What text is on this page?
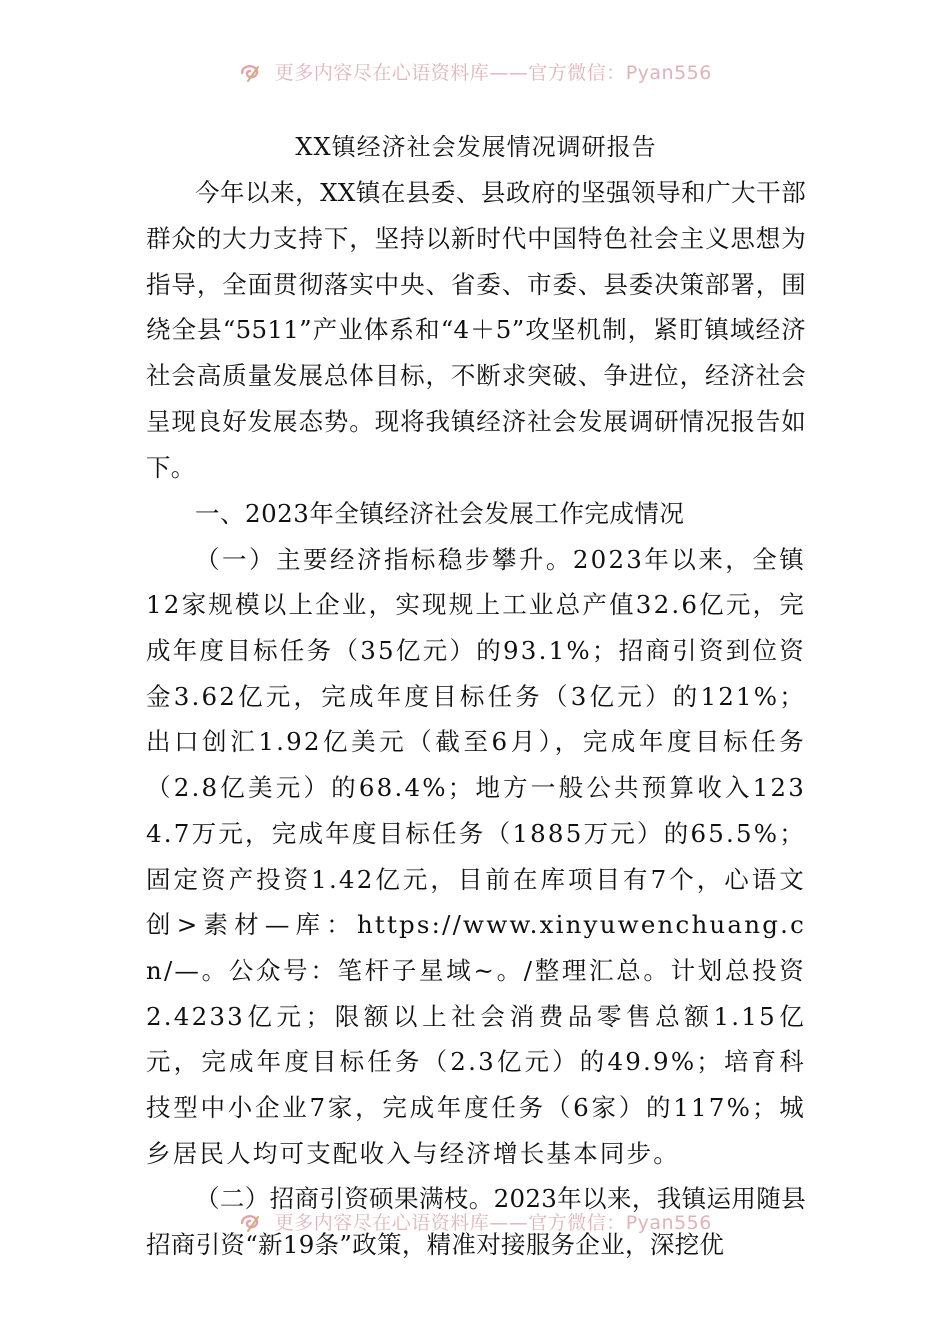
更多内容尽在心语资料库——官方微信：Pyan556

XX镇经济社会发展情况调研报告

今年以来，XX镇在县委、县政府的坚强领导和广大干部群众的大力支持下，坚持以新时代中国特色社会主义思想为指导，全面贯彻落实中央、省委、市委、县委决策部署，围绕全县“5511”产业体系和“4＋5”攻坚机制，紧盯镇域经济社会高质量发展总体目标，不断求突破、争进位，经济社会呈现良好发展态势。现将我镇经济社会发展调研情况报告如下。

一、2023年全镇经济社会发展工作完成情况

（一）主要经济指标稳步攀升。2023年以来，全镇12家规模以上企业，实现规上工业总产值32.6亿元，完成年度目标任务（35亿元）的93.1%；招商引资到位资金3.62亿元，完成年度目标任务（3亿元）的121%；出口创汇1.92亿美元（截至6月），完成年度目标任务（2.8亿美元）的68.4%；地方一般公共预算收入1234.7万元，完成年度目标任务（1885万元）的65.5%；固定资产投资1.42亿元，目前在库项目有7个，心语文创>素材—库：https://www.xinyuwenchuang.cn/—。公众号：笔杆子星域~。/整理汇总。计划总投资2.4233亿元；限额以上社会消费品零售总额1.15亿元，完成年度目标任务（2.3亿元）的49.9%；培育科技型中小企业7家，完成年度任务（6家）的117%；城乡居民人均可支配收入与经济增长基本同步。

（二）招商引资硕果满枝。2023年以来，我镇运用随县招商引资“新19条”政策，精准对接服务企业，深挖优

更多内容尽在心语资料库——官方微信：Pyan556
